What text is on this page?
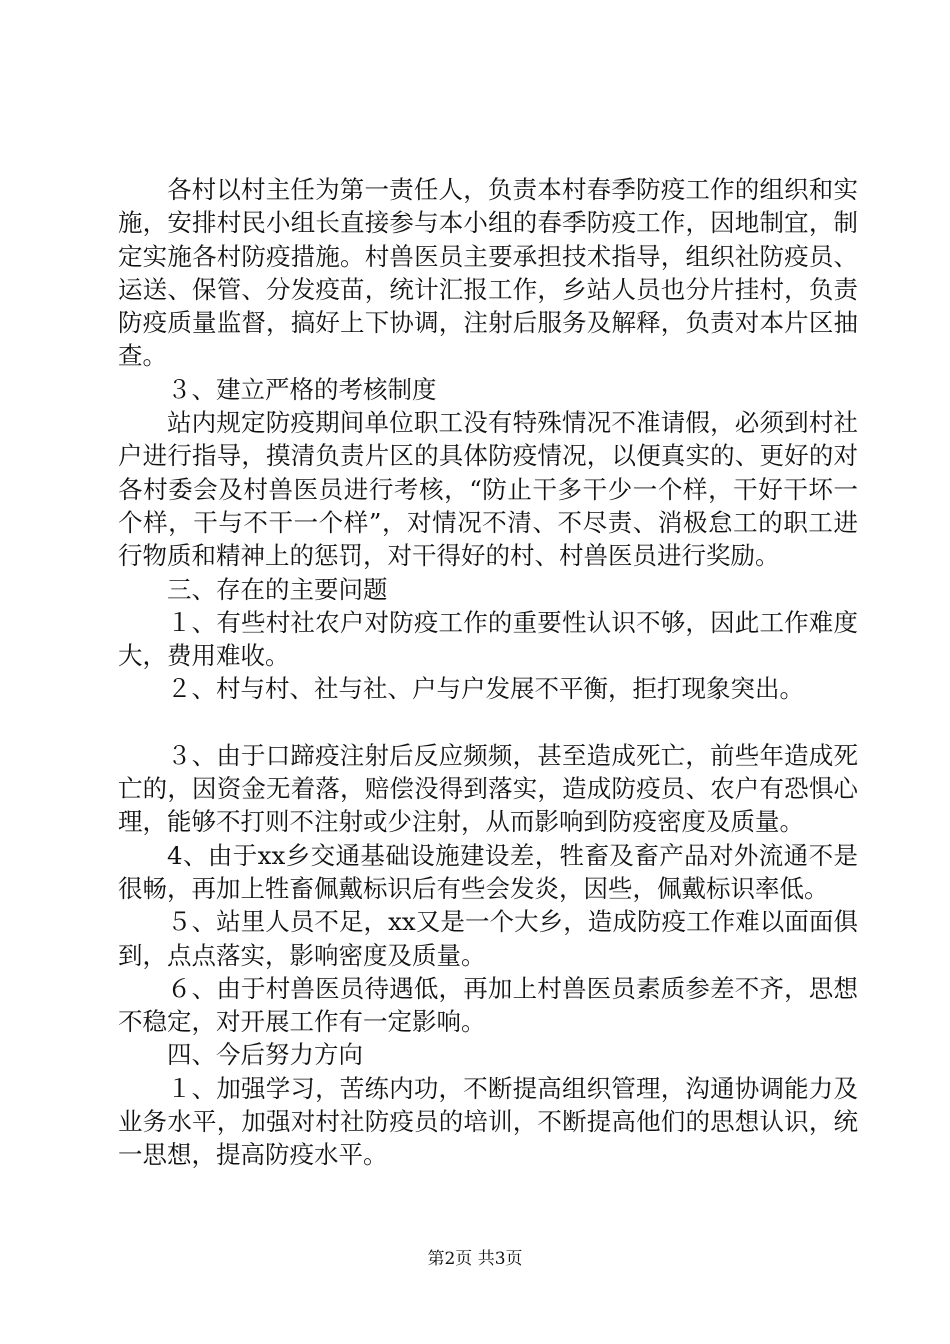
各村以村主任为第一责任人，负责本村春季防疫工作的组织和实施，安排村民小组长直接参与本小组的春季防疫工作，因地制宜，制定实施各村防疫措施。村兽医员主要承担技术指导，组织社防疫员、运送、保管、分发疫苗，统计汇报工作，乡站人员也分片挂村，负责防疫质量监督，搞好上下协调，注射后服务及解释，负责对本片区抽查。

３、建立严格的考核制度

站内规定防疫期间单位职工没有特殊情况不准请假，必须到村社户进行指导，摸清负责片区的具体防疫情况，以便真实的、更好的对各村委会及村兽医员进行考核，“防止干多干少一个样，干好干坏一个样，干与不干一个样”，对情况不清、不尽责、消极怠工的职工进行物质和精神上的惩罚，对干得好的村、村兽医员进行奖励。

三、存在的主要问题

１、有些村社农户对防疫工作的重要性认识不够，因此工作难度大，费用难收。

２、村与村、社与社、户与户发展不平衡，拒打现象突出。

３、由于口蹄疫注射后反应频频，甚至造成死亡，前些年造成死亡的，因资金无着落，赔偿没得到落实，造成防疫员、农户有恐惧心理，能够不打则不注射或少注射，从而影响到防疫密度及质量。

4、由于xx乡交通基础设施建设差，牲畜及畜产品对外流通不是很畅，再加上牲畜佩戴标识后有些会发炎，因些，佩戴标识率低。

５、站里人员不足，xx又是一个大乡，造成防疫工作难以面面俱到，点点落实，影响密度及质量。

６、由于村兽医员待遇低，再加上村兽医员素质参差不齐，思想不稳定，对开展工作有一定影响。

四、今后努力方向

１、加强学习，苦练内功，不断提高组织管理，沟通协调能力及业务水平，加强对村社防疫员的培训，不断提高他们的思想认识，统一思想，提高防疫水平。

第2页 共3页
